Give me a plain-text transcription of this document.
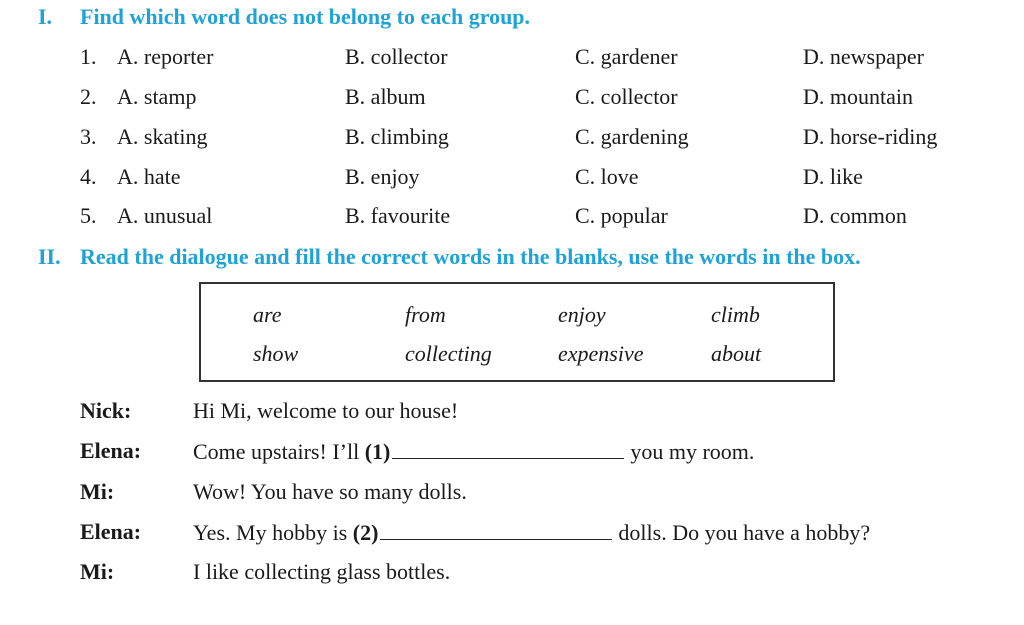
I. Find which word does not belong to each group.
1. A. reporter	B. collector	C. gardener	D. newspaper
2. A. stamp	B. album	C. collector	D. mountain
3. A. skating	B. climbing	C. gardening	D. horse-riding
4. A. hate	B. enjoy	C. love	D. like
5. A. unusual	B. favourite	C. popular	D. common
II. Read the dialogue and fill the correct words in the blanks, use the words in the box.
are	from	enjoy	climb
show	collecting	expensive	about
Nick:	Hi Mi, welcome to our house!
Elena: Come upstairs! I’ll (1)	you my room.
Mi:	Wow! You have so many dolls.
Elena: Yes. My hobby is (2)	dolls. Do you have a hobby?
Mi:	I like collecting glass bottles.
